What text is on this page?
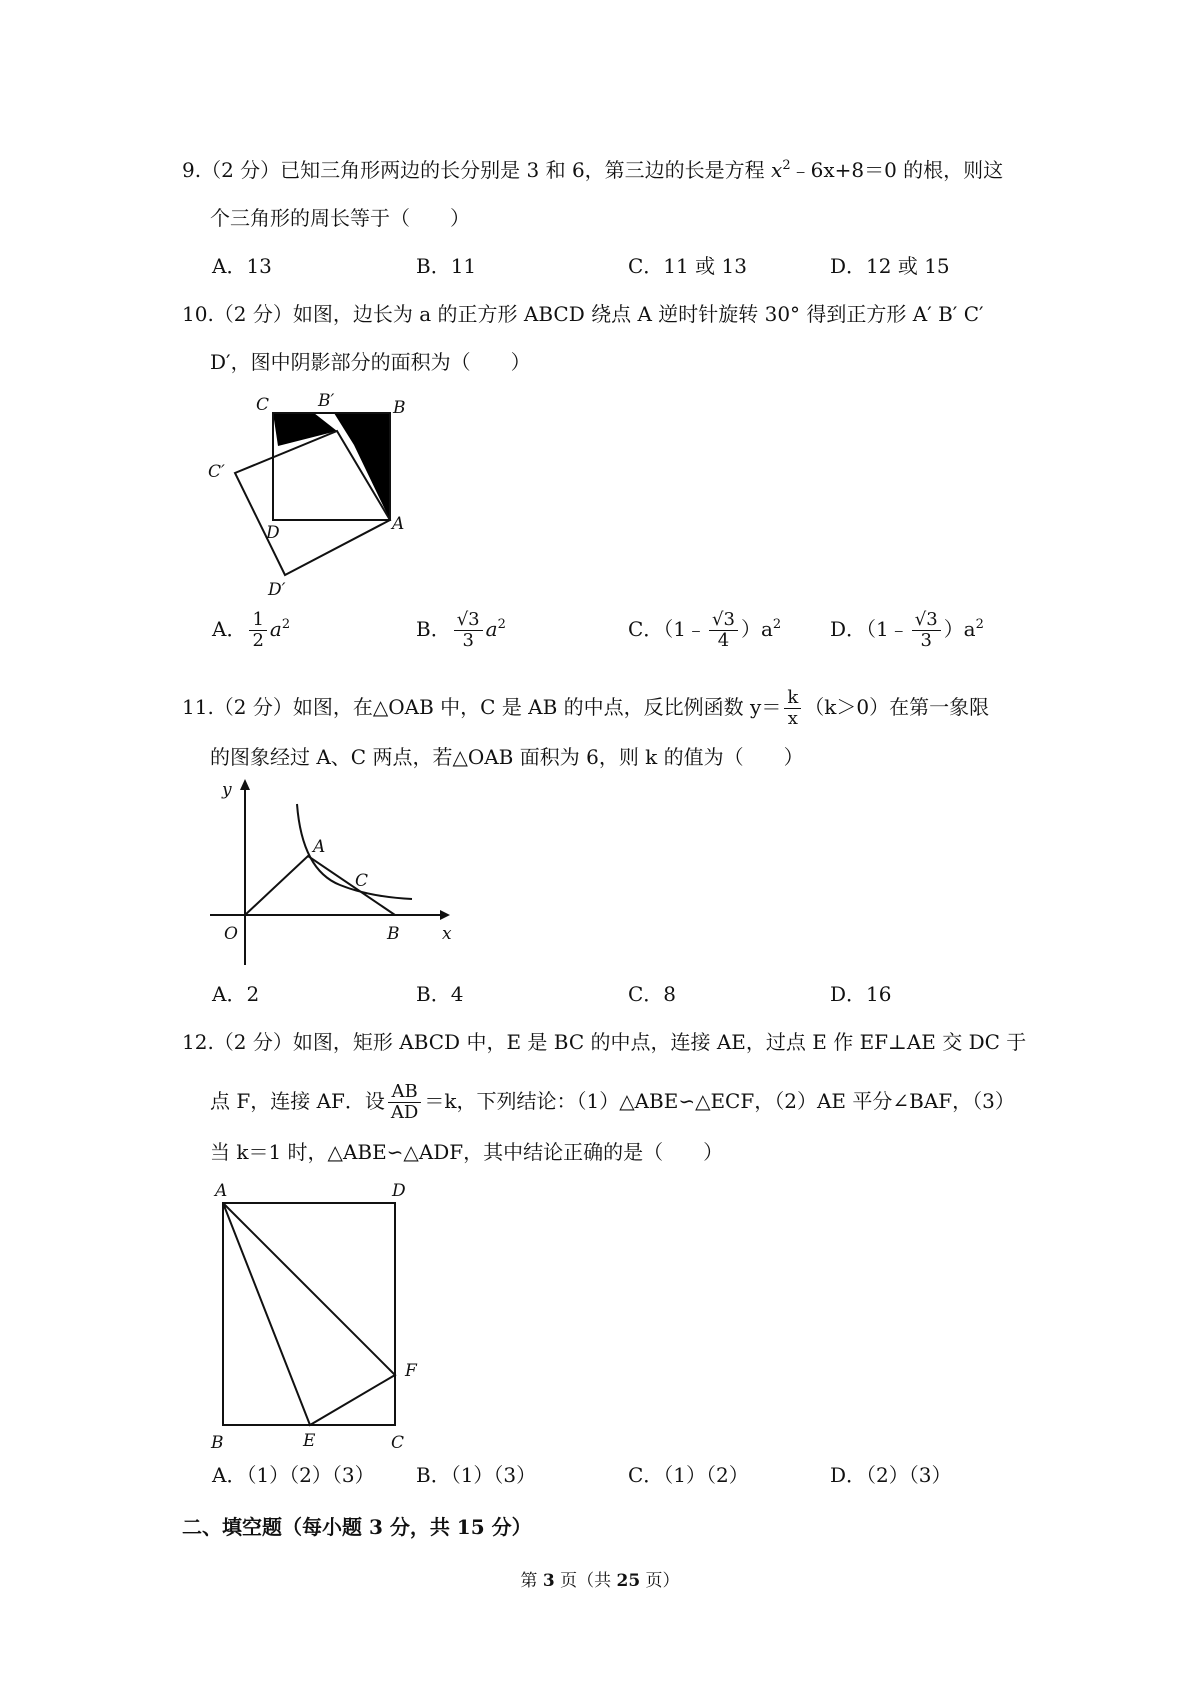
9.（2 分）已知三角形两边的长分别是 3 和 6，第三边的长是方程 $x^2﹣6x+8=0$ 的根，则这
个三角形的周长等于（　　）
A．13	B．11	C．11 或 13	D．12 或 15
10.（2 分）如图，边长为 a 的正方形 ABCD 绕点 A 逆时针旋转 30° 得到正方形 A′ B′ C′
D′，图中阴影部分的面积为（　　）
C	B′	B
C′
D	A
D′
A． $\frac{1}{2} a^2$	B． $\frac{√3}{3} a^2$	C．（1﹣ $\frac{√3}{4} )a^2$ D．（1﹣ $\frac{√3}{3} )a^2$
11.（2 分）如图，在△OAB 中，C 是 AB 的中点，反比例函数 $y= \frac{k}{x} (k>0)$在第一象限
的图象经过 A、C 两点，若△OAB 面积为 6，则 k 的值为（　　）
y
A
C
O	B	x
A．2	B．4	C．8	D．16
12.（2 分）如图，矩形 ABCD 中，E 是 BC 的中点，连接 AE，过点 E 作 EF⊥AE 交 DC 于
点 F，连接 AF．设 $\frac{AB}{AD} =k$，下列结论：（1）△ABE∽△ECF，（2）AE 平分∠BAF，（3）
当 k＝1 时，△ABE∽△ADF，其中结论正确的是（　　）
A	D
F
B	E	C
A．（1）（2）（3） B．（1）（3）	C．（1）（2）	D．（2）（3）
二、填空题（每小题 3 分，共 15 分）
第 3 页（共 25 页）
